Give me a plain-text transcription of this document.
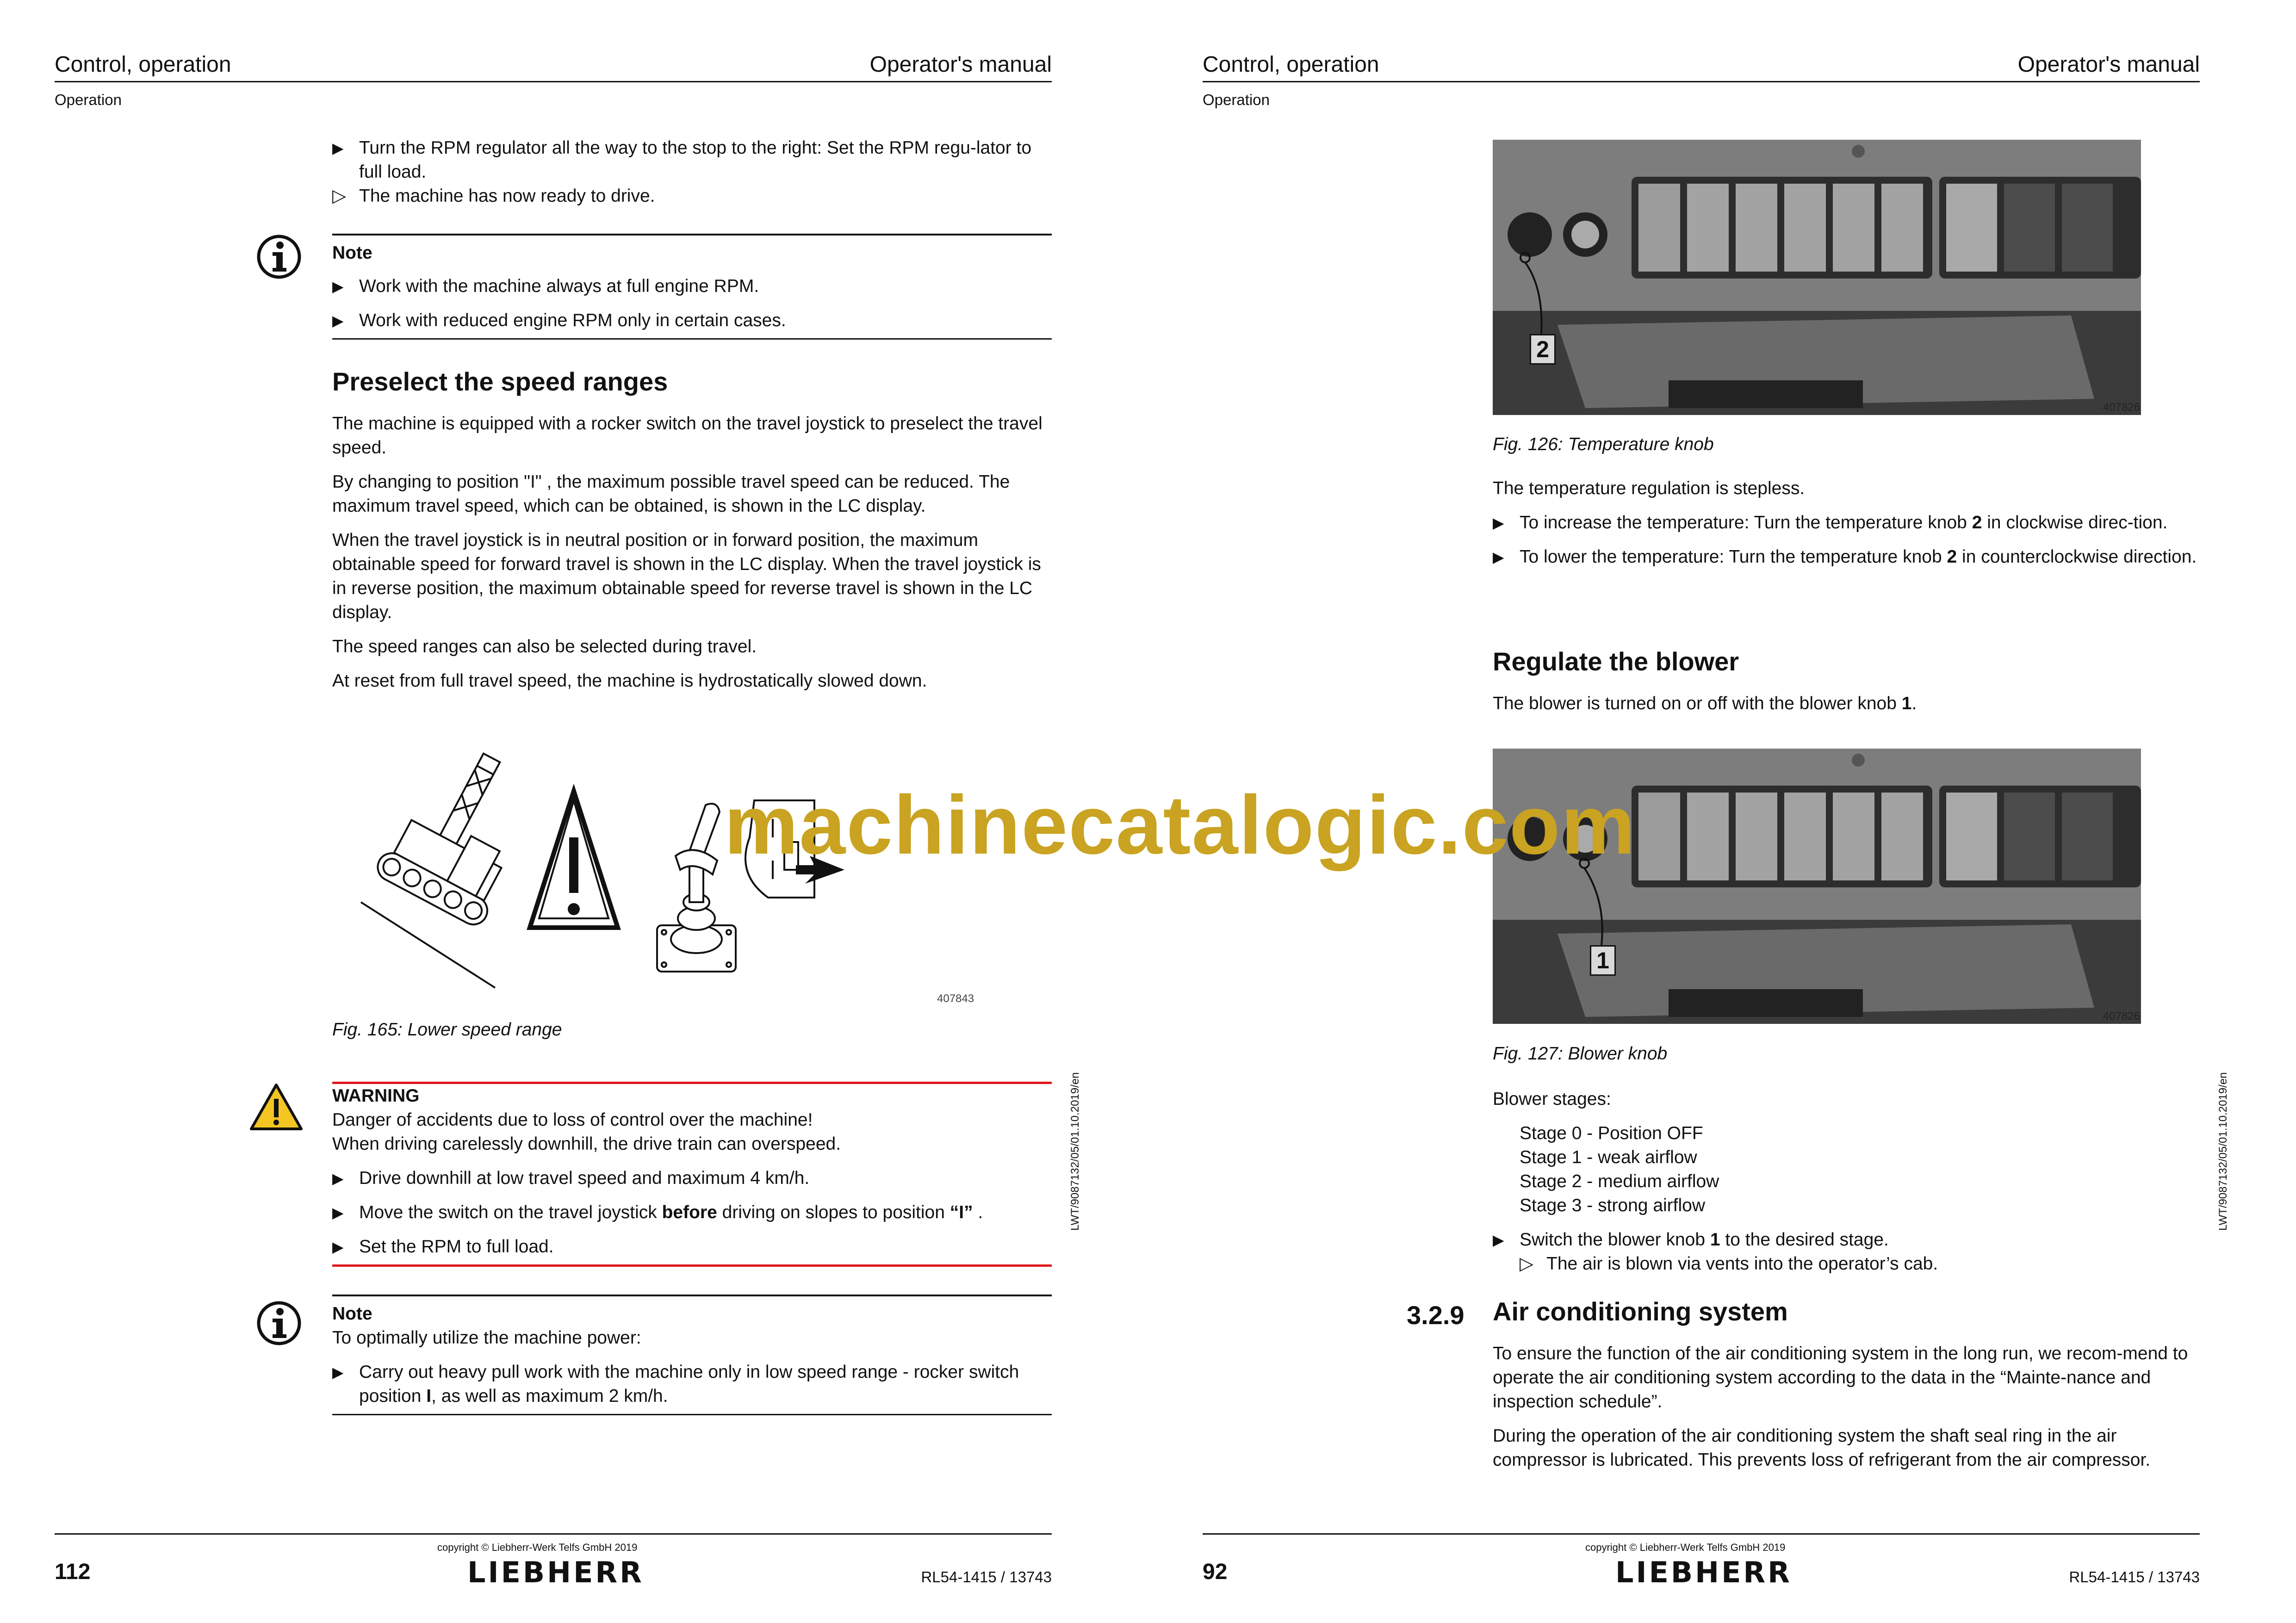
Control, operation	Operator's manual
Operation
▶ Turn the RPM regulator all the way to the stop to the right: Set the RPM regu-lator to full load.
▷ The machine has now ready to drive.
Note
▶ Work with the machine always at full engine RPM.
▶ Work with reduced engine RPM only in certain cases.
Preselect the speed ranges

The machine is equipped with a rocker switch on the travel joystick to preselect the travel speed.

By changing to position "I" , the maximum possible travel speed can be reduced. The maximum travel speed, which can be obtained, is shown in the LC display.

When the travel joystick is in neutral position or in forward position, the maximum obtainable speed for forward travel is shown in the LC display. When the travel joystick is in reverse position, the maximum obtainable speed for reverse travel is shown in the LC display.

The speed ranges can also be selected during travel.

At reset from full travel speed, the machine is hydrostatically slowed down.

407843
Fig. 165: Lower speed range
WARNING
Danger of accidents due to loss of control over the machine!
When driving carelessly downhill, the drive train can overspeed.
▶ Drive downhill at low travel speed and maximum 4 km/h.
▶ Move the switch on the travel joystick before driving on slopes to position “I” .
▶ Set the RPM to full load.
Note
To optimally utilize the machine power:
▶ Carry out heavy pull work with the machine only in low speed range - rocker switch position I, as well as maximum 2 km/h.
LWT/9087132/05/01.10.2019/en
copyright © Liebherr-Werk Telfs GmbH 2019
LIEBHERR
112	RL54-1415 / 13743
Control, operation	Operator's manual
Operation
LWT/9087132/05/01.10.2019/en
copyright © Liebherr-Werk Telfs GmbH 2019
LIEBHERR
92	RL54-1415 / 13743
2
407826
Fig. 126: Temperature knob

The temperature regulation is stepless.

▶ To increase the temperature: Turn the temperature knob 2 in clockwise direc-tion.
▶ To lower the temperature: Turn the temperature knob 2 in counterclockwise direction.
Regulate the blower

The blower is turned on or off with the blower knob 1.

1
407826
Fig. 127: Blower knob

Blower stages:

Stage 0 - Position OFF
Stage 1 - weak airflow
Stage 2 - medium airflow
Stage 3 - strong airflow
▶ Switch the blower knob 1 to the desired stage.
▷ The air is blown via vents into the operator’s cab.
3.2.9 Air conditioning system

To ensure the function of the air conditioning system in the long run, we recom-mend to operate the air conditioning system according to the data in the “Mainte-nance and inspection schedule”.

During the operation of the air conditioning system the shaft seal ring in the air compressor is lubricated. This prevents loss of refrigerant from the air compressor.

machinecatalogic.com
